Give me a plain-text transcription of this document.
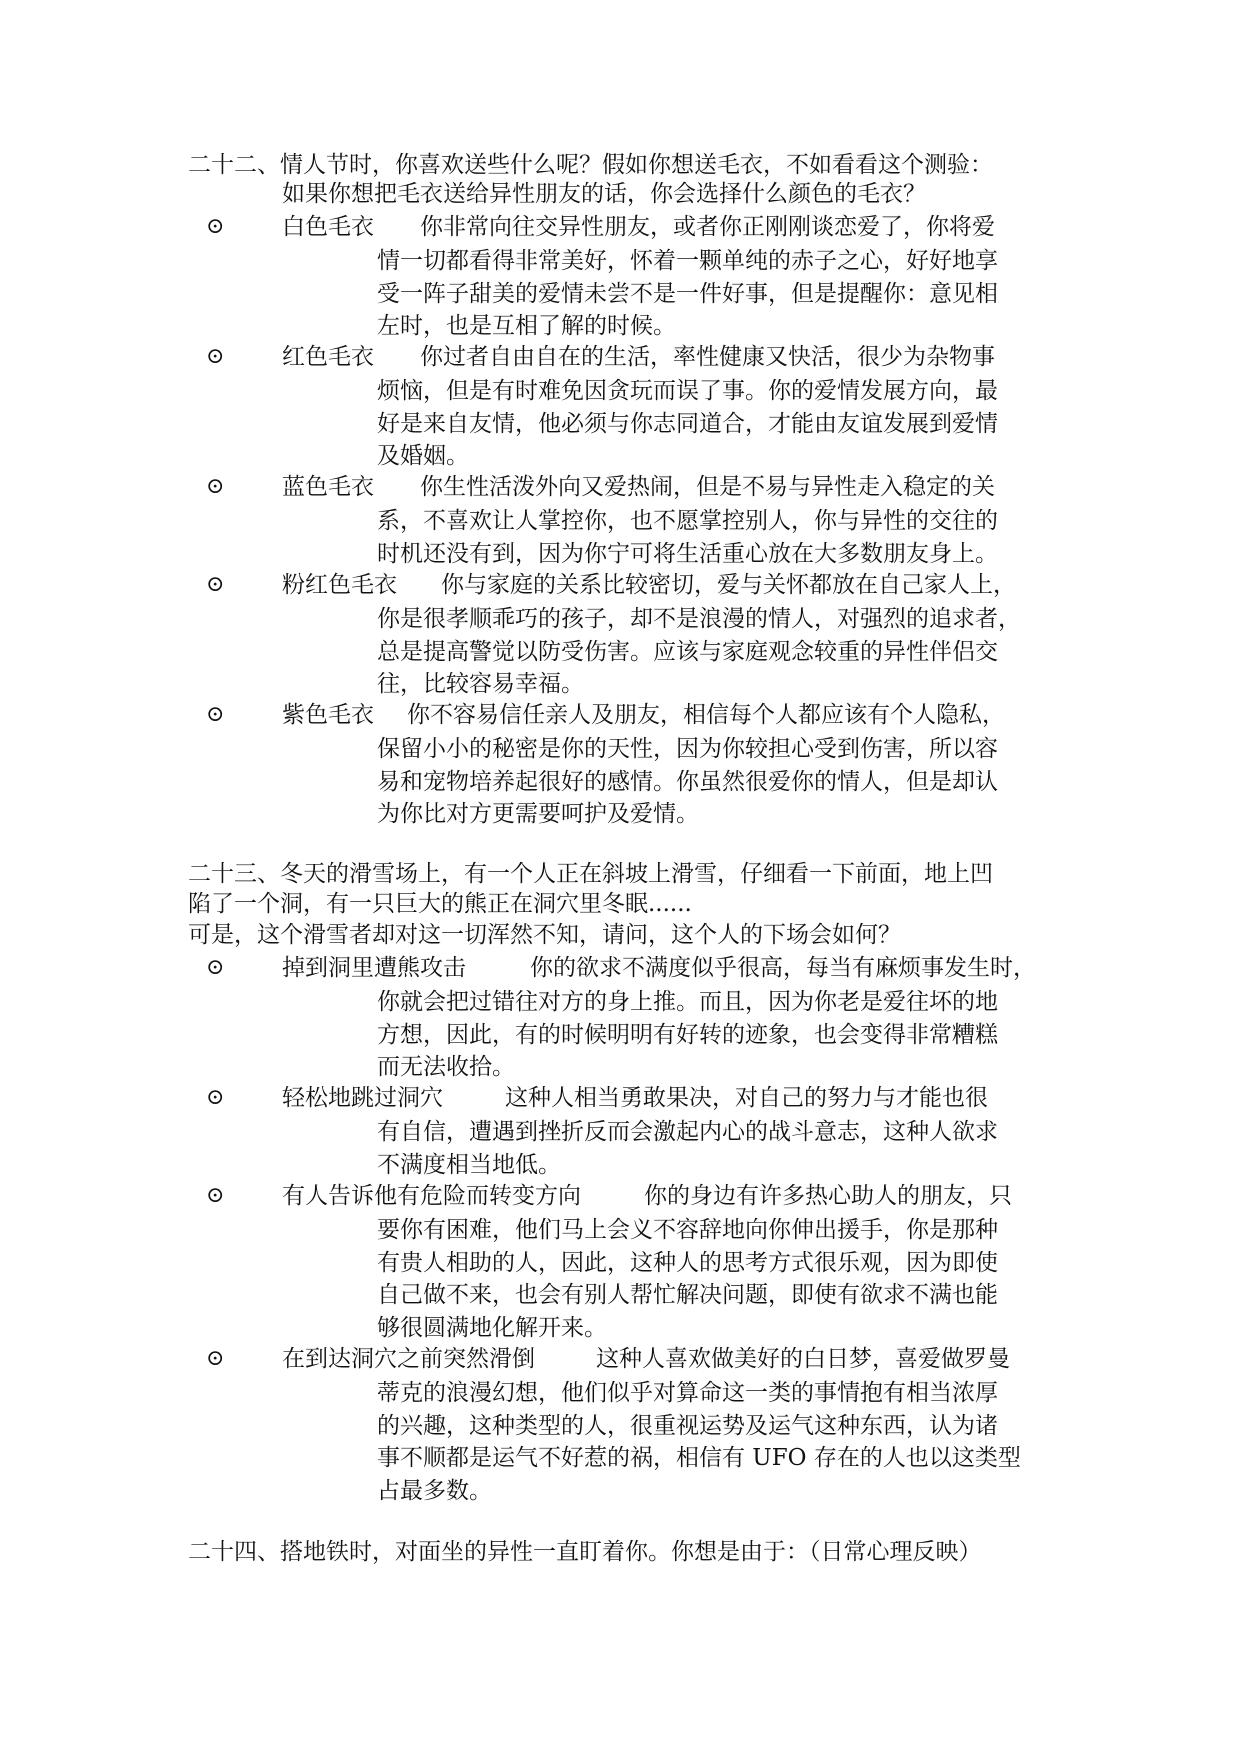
二十二、情人节时，你喜欢送些什么呢？假如你想送毛衣，不如看看这个测验：
如果你想把毛衣送给异性朋友的话，你会选择什么颜色的毛衣？
⊙	白色毛衣 你非常向往交异性朋友，或者你正刚刚谈恋爱了，你将爱
情一切都看得非常美好，怀着一颗单纯的赤子之心，好好地享
受一阵子甜美的爱情未尝不是一件好事，但是提醒你：意见相
左时，也是互相了解的时候。
⊙	红色毛衣 你过者自由自在的生活，率性健康又快活，很少为杂物事
烦恼，但是有时难免因贪玩而误了事。你的爱情发展方向，最
好是来自友情，他必须与你志同道合，才能由友谊发展到爱情
及婚姻。
⊙	蓝色毛衣 你生性活泼外向又爱热闹，但是不易与异性走入稳定的关
系，不喜欢让人掌控你，也不愿掌控别人，你与异性的交往的
时机还没有到，因为你宁可将生活重心放在大多数朋友身上。
⊙	粉红色毛衣 你与家庭的关系比较密切，爱与关怀都放在自己家人上，
你是很孝顺乖巧的孩子，却不是浪漫的情人，对强烈的追求者，
总是提高警觉以防受伤害。应该与家庭观念较重的异性伴侣交
往，比较容易幸福。
⊙	紫色毛衣 你不容易信任亲人及朋友，相信每个人都应该有个人隐私，
保留小小的秘密是你的天性，因为你较担心受到伤害，所以容
易和宠物培养起很好的感情。你虽然很爱你的情人，但是却认
为你比对方更需要呵护及爱情。
二十三、冬天的滑雪场上，有一个人正在斜坡上滑雪，仔细看一下前面，地上凹
陷了一个洞，有一只巨大的熊正在洞穴里冬眠......
可是，这个滑雪者却对这一切浑然不知，请问，这个人的下场会如何？
⊙	掉到洞里遭熊攻击	你的欲求不满度似乎很高，每当有麻烦事发生时，
你就会把过错往对方的身上推。而且，因为你老是爱往坏的地
方想，因此，有的时候明明有好转的迹象，也会变得非常糟糕
而无法收拾。
⊙	轻松地跳过洞穴	这种人相当勇敢果决，对自己的努力与才能也很
有自信，遭遇到挫折反而会激起内心的战斗意志，这种人欲求
不满度相当地低。
⊙	有人告诉他有危险而转变方向	你的身边有许多热心助人的朋友，只
要你有困难，他们马上会义不容辞地向你伸出援手，你是那种
有贵人相助的人，因此，这种人的思考方式很乐观，因为即使
自己做不来，也会有别人帮忙解决问题，即使有欲求不满也能
够很圆满地化解开来。
⊙	在到达洞穴之前突然滑倒	这种人喜欢做美好的白日梦，喜爱做罗曼
蒂克的浪漫幻想，他们似乎对算命这一类的事情抱有相当浓厚
的兴趣，这种类型的人，很重视运势及运气这种东西，认为诸
事不顺都是运气不好惹的祸，相信有 UFO 存在的人也以这类型
占最多数。
二十四、搭地铁时，对面坐的异性一直盯着你。你想是由于：（日常心理反映）
